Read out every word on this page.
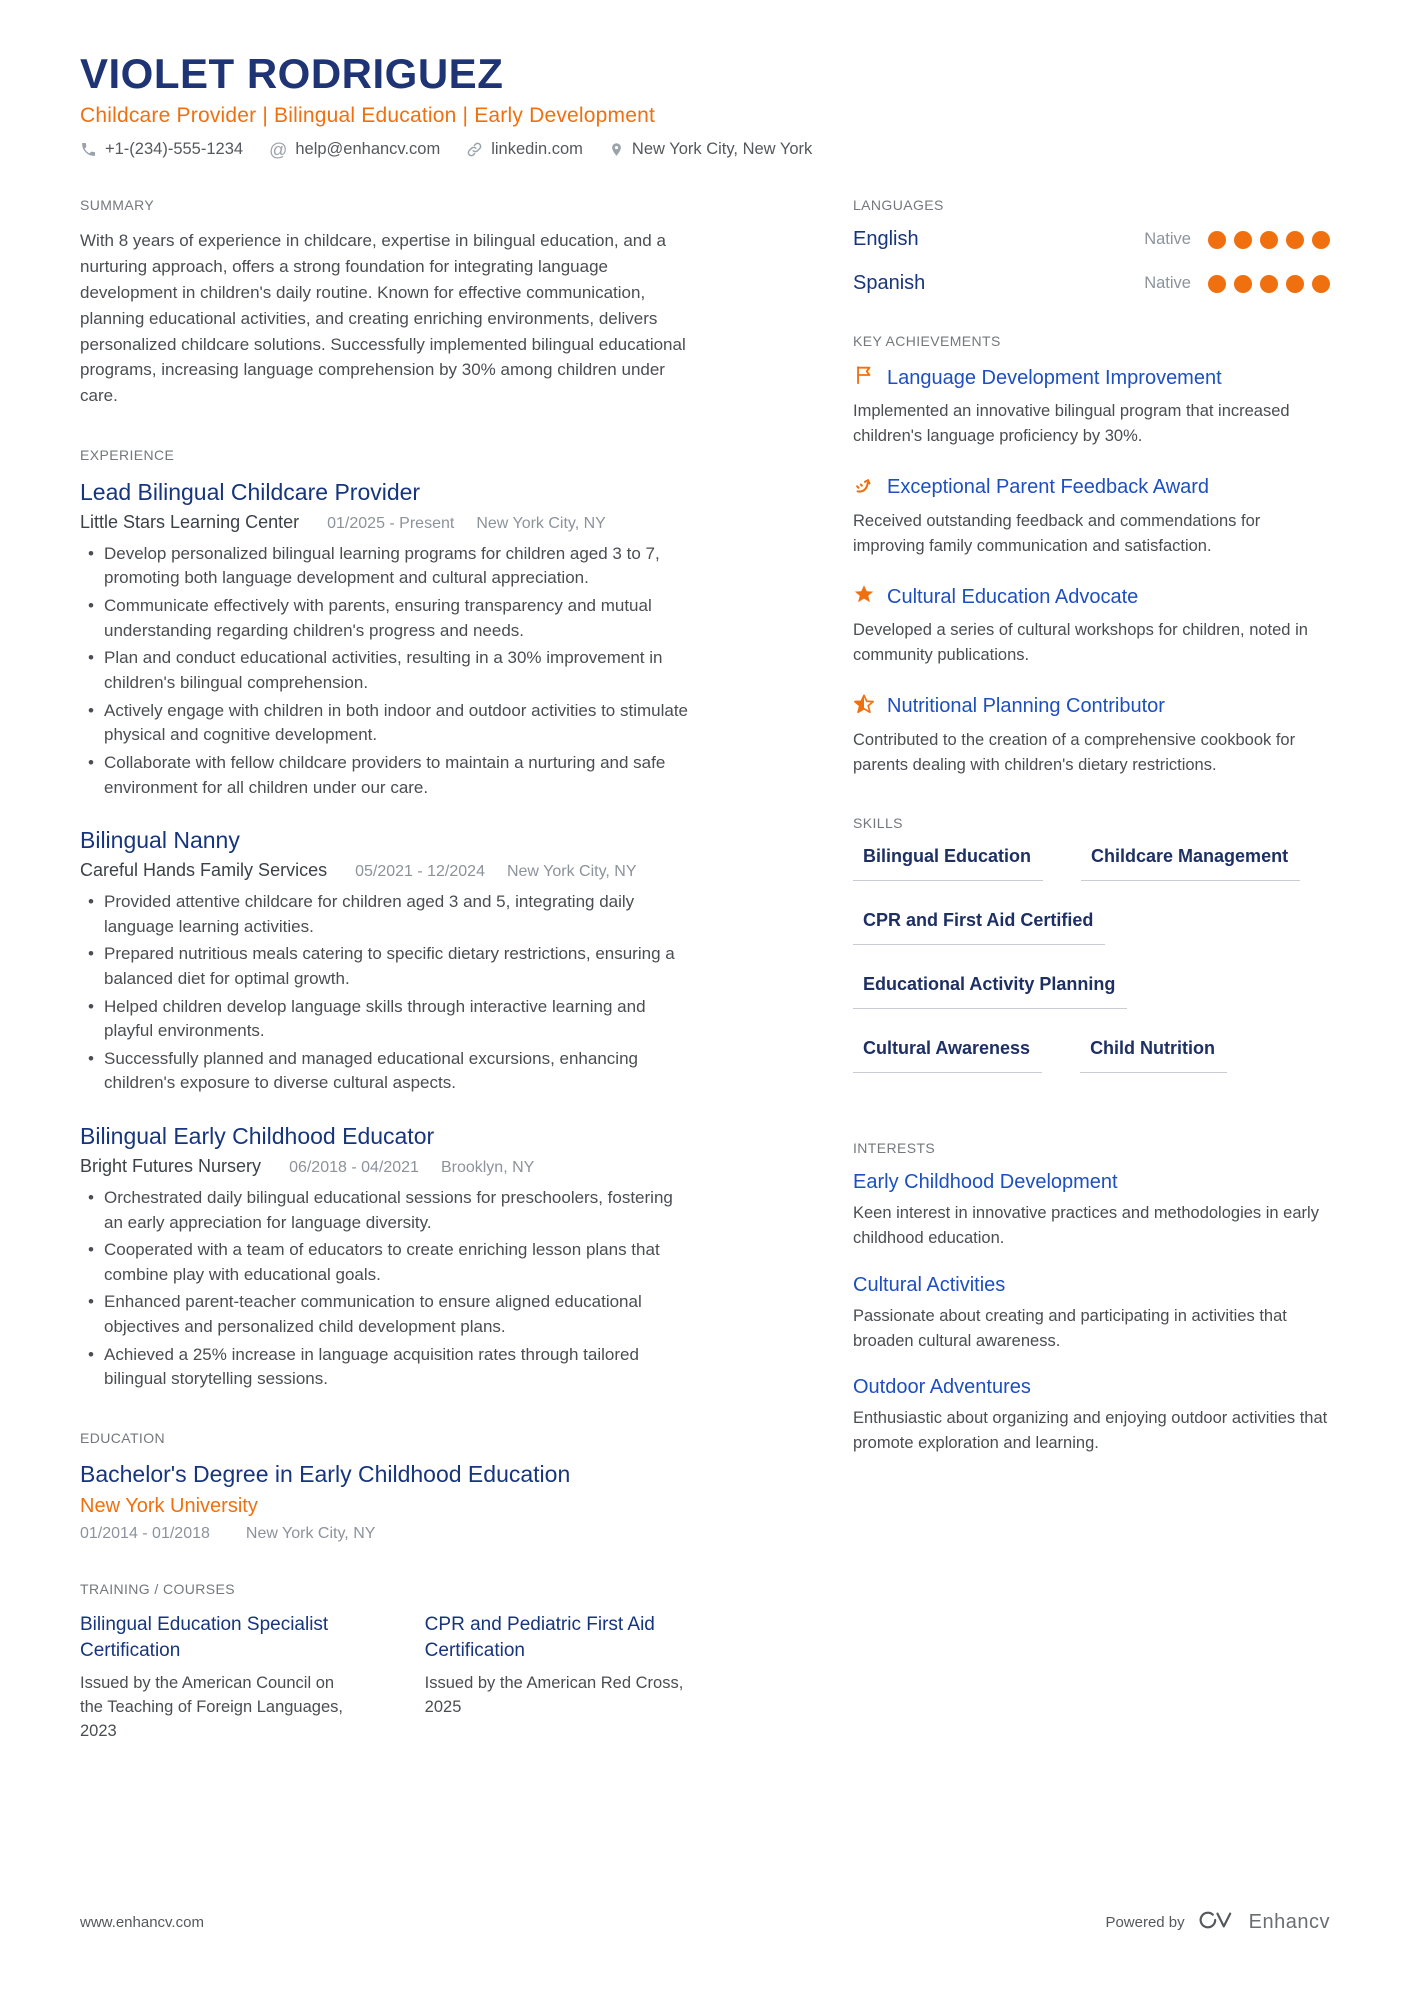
VIOLET RODRIGUEZ
Childcare Provider | Bilingual Education | Early Development
+1-(234)-555-1234 @ help@enhancv.com	linkedin.com	New York City, New York
SUMMARY
With 8 years of experience in childcare, expertise in bilingual education, and a nurturing approach, offers a strong foundation for integrating language development in children's daily routine. Known for effective communication, planning educational activities, and creating enriching environments, delivers personalized childcare solutions. Successfully implemented bilingual educational programs, increasing language comprehension by 30% among children under care.
EXPERIENCE
Lead Bilingual Childcare Provider
Little Stars Learning Center 01/2025 - Present New York City, NY
• Develop personalized bilingual learning programs for children aged 3 to 7, promoting both language development and cultural appreciation.
• Communicate effectively with parents, ensuring transparency and mutual understanding regarding children's progress and needs.
• Plan and conduct educational activities, resulting in a 30% improvement in children's bilingual comprehension.
• Actively engage with children in both indoor and outdoor activities to stimulate physical and cognitive development.
• Collaborate with fellow childcare providers to maintain a nurturing and safe environment for all children under our care.
Bilingual Nanny
Careful Hands Family Services 05/2021 - 12/2024 New York City, NY
• Provided attentive childcare for children aged 3 and 5, integrating daily language learning activities.
• Prepared nutritious meals catering to specific dietary restrictions, ensuring a balanced diet for optimal growth.
• Helped children develop language skills through interactive learning and playful environments.
• Successfully planned and managed educational excursions, enhancing children's exposure to diverse cultural aspects.
Bilingual Early Childhood Educator
Bright Futures Nursery 06/2018 - 04/2021 Brooklyn, NY
• Orchestrated daily bilingual educational sessions for preschoolers, fostering an early appreciation for language diversity.
• Cooperated with a team of educators to create enriching lesson plans that combine play with educational goals.
• Enhanced parent-teacher communication to ensure aligned educational objectives and personalized child development plans.
• Achieved a 25% increase in language acquisition rates through tailored bilingual storytelling sessions.
EDUCATION
Bachelor's Degree in Early Childhood Education
New York University
01/2014 - 01/2018 New York City, NY
TRAINING / COURSES
Bilingual Education Specialist Certification
Issued by the American Council on the Teaching of Foreign Languages, 2023
CPR and Pediatric First Aid Certification
Issued by the American Red Cross, 2025
LANGUAGES
English	Native
Spanish	Native
KEY ACHIEVEMENTS
Language Development Improvement
Implemented an innovative bilingual program that increased children's language proficiency by 30%.
Exceptional Parent Feedback Award
Received outstanding feedback and commendations for improving family communication and satisfaction.
Cultural Education Advocate
Developed a series of cultural workshops for children, noted in community publications.
Nutritional Planning Contributor
Contributed to the creation of a comprehensive cookbook for parents dealing with children's dietary restrictions.
SKILLS
Bilingual Education	Childcare Management
CPR and First Aid Certified
Educational Activity Planning
Cultural Awareness	Child Nutrition
INTERESTS
Early Childhood Development
Keen interest in innovative practices and methodologies in early childhood education.
Cultural Activities
Passionate about creating and participating in activities that broaden cultural awareness.
Outdoor Adventures
Enthusiastic about organizing and enjoying outdoor activities that promote exploration and learning.
www.enhancv.com	Powered by	Enhancv
